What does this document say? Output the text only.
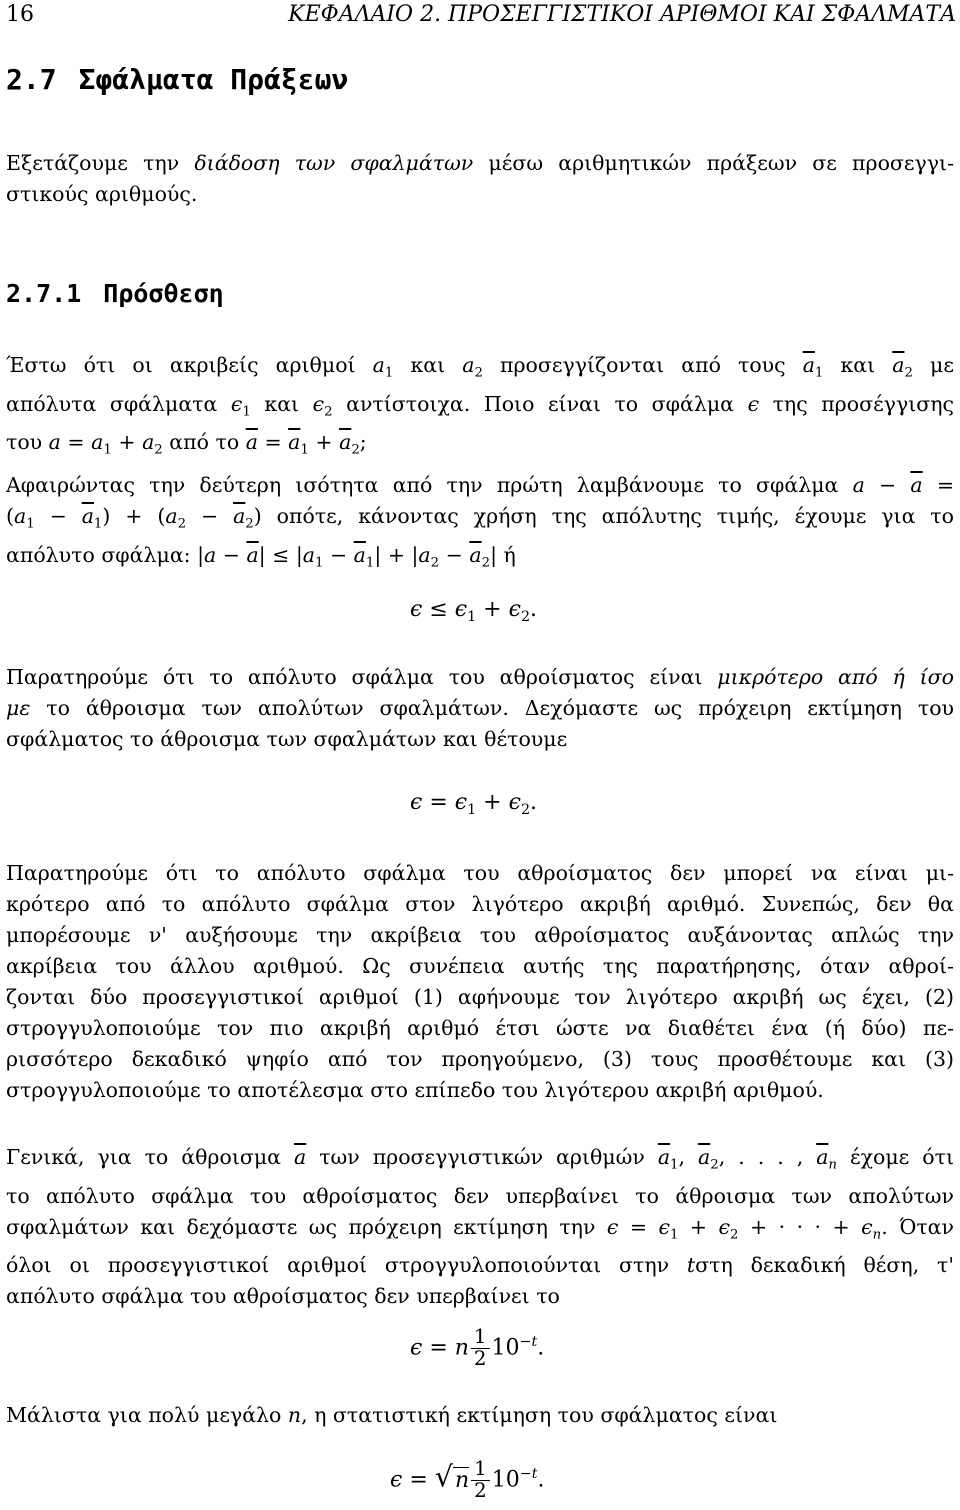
16	ΚΕΦΑΛΑΙΟ 2. ΠΡΟΣΕΓΓΙΣΤΙΚΟΙ ΑΡΙΘΜΟΙ ΚΑΙ ΣΦΑΛΜΑΤΑ
2.7 Σφάλματα Πράξεων
Εξετάζουμε την διάδοση των σφαλμάτων μέσω αριθμητικών πράξεων σε προσεγγι-
στικούς αριθμούς.
2.7.1 Πρόσθεση
Έστω ότι οι ακριβείς αριθμοί $a_1$ και $a_2$ προσεγγίζονται από τους $\overline{a}_1$ και $\overline{a}_2$ με
απόλυτα σφάλματα $\epsilon_1$ και $\epsilon_2$ αντίστοιχα. Ποιο είναι το σφάλμα ϵ της προσέγγισης
του $a = a_1 + a_2$ από το $\overline{a} = \overline{a}_1 + \overline{a}_2$;
Αφαιρώντας την δεύτερη ισότητα από την πρώτη λαμβάνουμε το σφάλμα $a - \overline{a}$ =
$(a_1 - \overline{a}_1) + (a_2 - \overline{a}_2)$ οπότε, κάνοντας χρήση της απόλυτης τιμής, έχουμε για το
απόλυτο σφάλμα: $|a - \overline{a}| \le |a_1 - \overline{a}_1| + |a_2 - \overline{a}_2|$ ή
$\epsilon \le \epsilon_1 + \epsilon_2$.
Παρατηρούμε ότι το απόλυτο σφάλμα του αθροίσματος είναι μικρότερο από ή ίσο
με το άθροισμα των απολύτων σφαλμάτων. Δεχόμαστε ως πρόχειρη εκτίμηση του
σφάλματος το άθροισμα των σφαλμάτων και θέτουμε
$\epsilon = \epsilon_1 + \epsilon_2$.
Παρατηρούμε ότι το απόλυτο σφάλμα του αθροίσματος δεν μπορεί να είναι μι-
κρότερο από το απόλυτο σφάλμα στον λιγότερο ακριβή αριθμό. Συνεπώς, δεν θα
μπορέσουμε ν' αυξήσουμε την ακρίβεια του αθροίσματος αυξάνοντας απλώς την
ακρίβεια του άλλου αριθμού. Ως συνέπεια αυτής της παρατήρησης, όταν αθροί-
ζονται δύο προσεγγιστικοί αριθμοί (1) αφήνουμε τον λιγότερο ακριβή ως έχει, (2)
στρογγυλοποιούμε τον πιο ακριβή αριθμό έτσι ώστε να διαθέτει ένα (ή δύο) πε-
ρισσότερο δεκαδικό ψηφίο από τον προηγούμενο, (3) τους προσθέτουμε και (3)
στρογγυλοποιούμε το αποτέλεσμα στο επίπεδο του λιγότερου ακριβή αριθμού.
Γενικά, για το άθροισμα $\overline{a}$ των προσεγγιστικών αριθμών $\overline{a}_1$, $\overline{a}_2$, . . . , $\overline{a}_n$ έχομε ότι
το απόλυτο σφάλμα του αθροίσματος δεν υπερβαίνει το άθροισμα των απολύτων
σφαλμάτων και δεχόμαστε ως πρόχειρη εκτίμηση την $\epsilon = \epsilon_1 + \epsilon_2$ + · · · + $\epsilon_n$. Όταν
όλοι οι προσεγγιστικοί αριθμοί στρογγυλοποιούνται στην tστη δεκαδική θέση, τ'
απόλυτο σφάλμα του αθροίσματος δεν υπερβαίνει το
ϵ = n $\frac{1}{2} 10^{-t}$.
Μάλιστα για πολύ μεγάλο n, η στατιστική εκτίμηση του σφάλματος είναι
$\epsilon = √n \frac{1}{2} 10^{-t}$.
